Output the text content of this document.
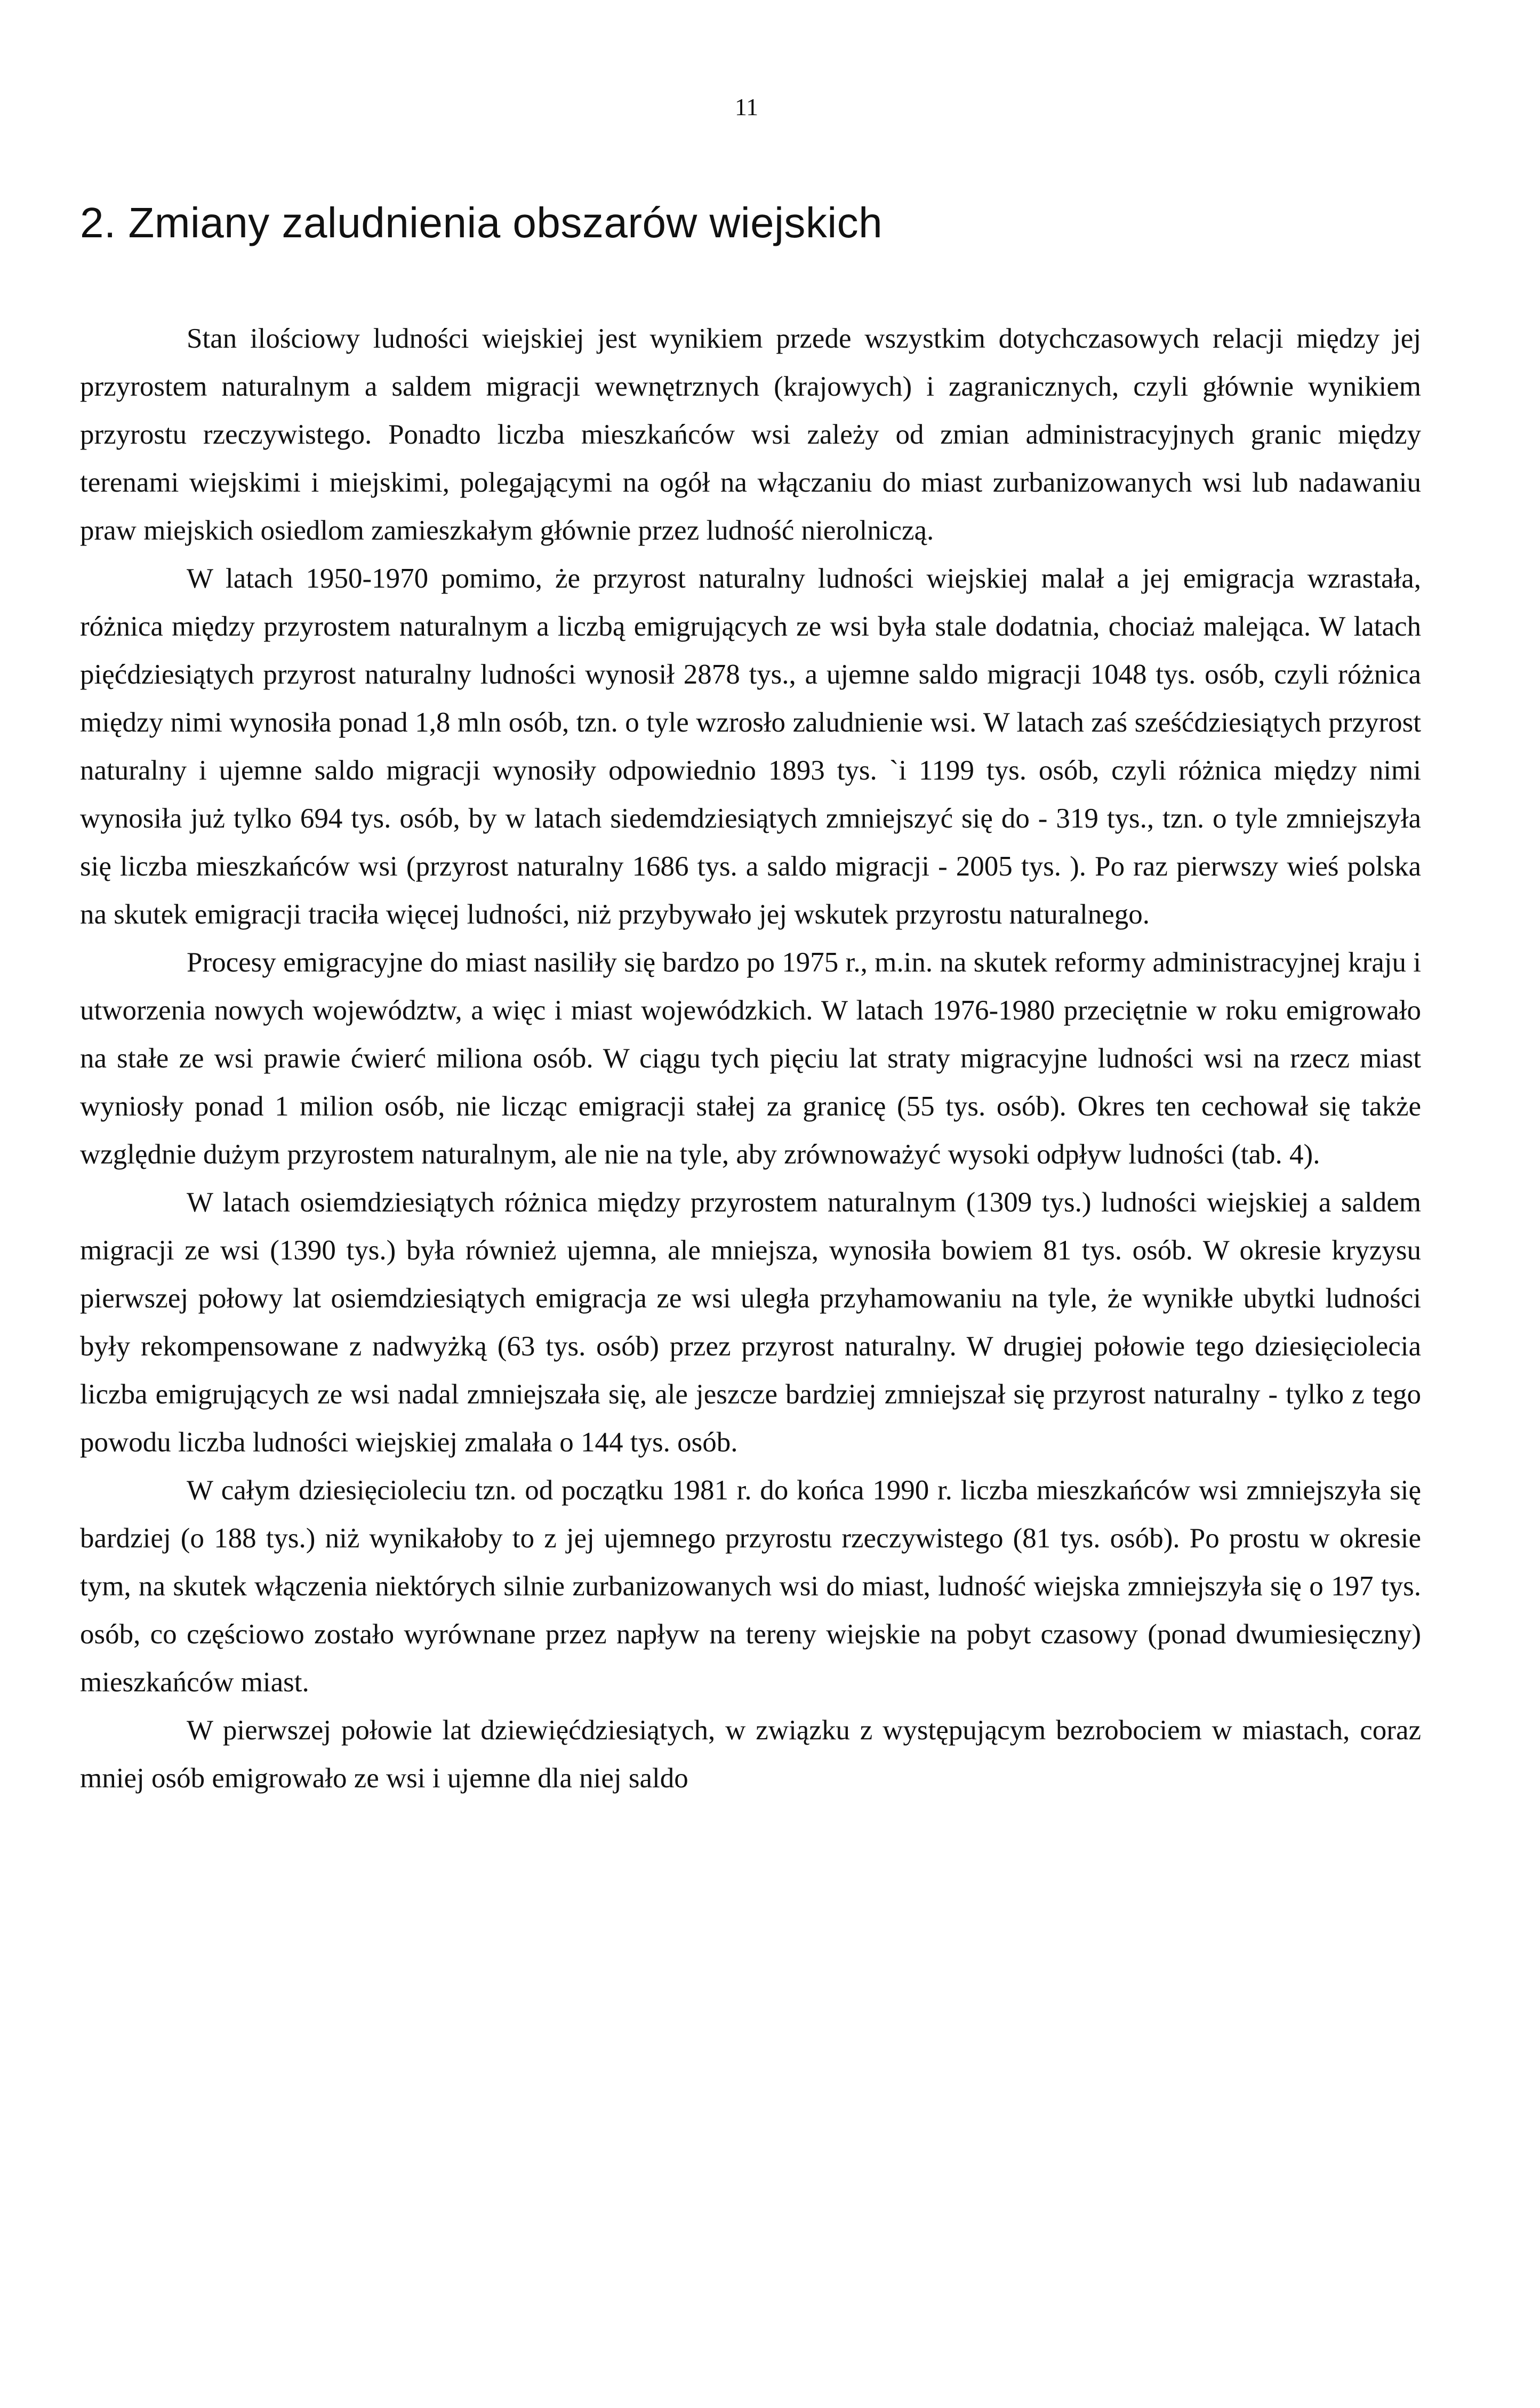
11
2. Zmiany zaludnienia obszarów wiejskich

Stan ilościowy ludności wiejskiej jest wynikiem przede wszystkim dotychczasowych relacji między jej przyrostem naturalnym a saldem migracji wewnętrznych (krajowych) i zagranicznych, czyli głównie wynikiem przyrostu rzeczywistego. Ponadto liczba mieszkańców wsi zależy od zmian administracyjnych granic między terenami wiejskimi i miejskimi, polegającymi na ogół na włączaniu do miast zurbanizowanych wsi lub nadawaniu praw miejskich osiedlom zamieszkałym głównie przez ludność nierolniczą.

W latach 1950-1970 pomimo, że przyrost naturalny ludności wiejskiej malał a jej emigracja wzrastała, różnica między przyrostem naturalnym a liczbą emigrujących ze wsi była stale dodatnia, chociaż malejąca. W latach pięćdziesiątych przyrost naturalny ludności wynosił 2878 tys., a ujemne saldo migracji 1048 tys. osób, czyli różnica między nimi wynosiła ponad 1,8 mln osób, tzn. o tyle wzrosło zaludnienie wsi. W latach zaś sześćdziesiątych przyrost naturalny i ujemne saldo migracji wynosiły odpowiednio 1893 tys. `i 1199 tys. osób, czyli różnica między nimi wynosiła już tylko 694 tys. osób, by w latach siedemdziesiątych zmniejszyć się do - 319 tys., tzn. o tyle zmniejszyła się liczba mieszkańców wsi (przyrost naturalny 1686 tys. a saldo migracji - 2005 tys. ). Po raz pierwszy wieś polska na skutek emigracji traciła więcej ludności, niż przybywało jej wskutek przyrostu naturalnego.

Procesy emigracyjne do miast nasiliły się bardzo po 1975 r., m.in. na skutek reformy administracyjnej kraju i utworzenia nowych województw, a więc i miast wojewódzkich. W latach 1976-1980 przeciętnie w roku emigrowało na stałe ze wsi prawie ćwierć miliona osób. W ciągu tych pięciu lat straty migracyjne ludności wsi na rzecz miast wyniosły ponad 1 milion osób, nie licząc emigracji stałej za granicę (55 tys. osób). Okres ten cechował się także względnie dużym przyrostem naturalnym, ale nie na tyle, aby zrównoważyć wysoki odpływ ludności (tab. 4).

W latach osiemdziesiątych różnica między przyrostem naturalnym (1309 tys.) ludności wiejskiej a saldem migracji ze wsi (1390 tys.) była również ujemna, ale mniejsza, wynosiła bowiem 81 tys. osób. W okresie kryzysu pierwszej połowy lat osiemdziesiątych emigracja ze wsi uległa przyhamowaniu na tyle, że wynikłe ubytki ludności były rekompensowane z nadwyżką (63 tys. osób) przez przyrost naturalny. W drugiej połowie tego dziesięciolecia liczba emigrujących ze wsi nadal zmniejszała się, ale jeszcze bardziej zmniejszał się przyrost naturalny - tylko z tego powodu liczba ludności wiejskiej zmalała o 144 tys. osób.

W całym dziesięcioleciu tzn. od początku 1981 r. do końca 1990 r. liczba mieszkańców wsi zmniejszyła się bardziej (o 188 tys.) niż wynikałoby to z jej ujemnego przyrostu rzeczywistego (81 tys. osób). Po prostu w okresie tym, na skutek włączenia niektórych silnie zurbanizowanych wsi do miast, ludność wiejska zmniejszyła się o 197 tys. osób, co częściowo zostało wyrównane przez napływ na tereny wiejskie na pobyt czasowy (ponad dwumiesięczny) mieszkańców miast.

W pierwszej połowie lat dziewięćdziesiątych, w związku z występującym bezrobociem w miastach, coraz mniej osób emigrowało ze wsi i ujemne dla niej saldo
